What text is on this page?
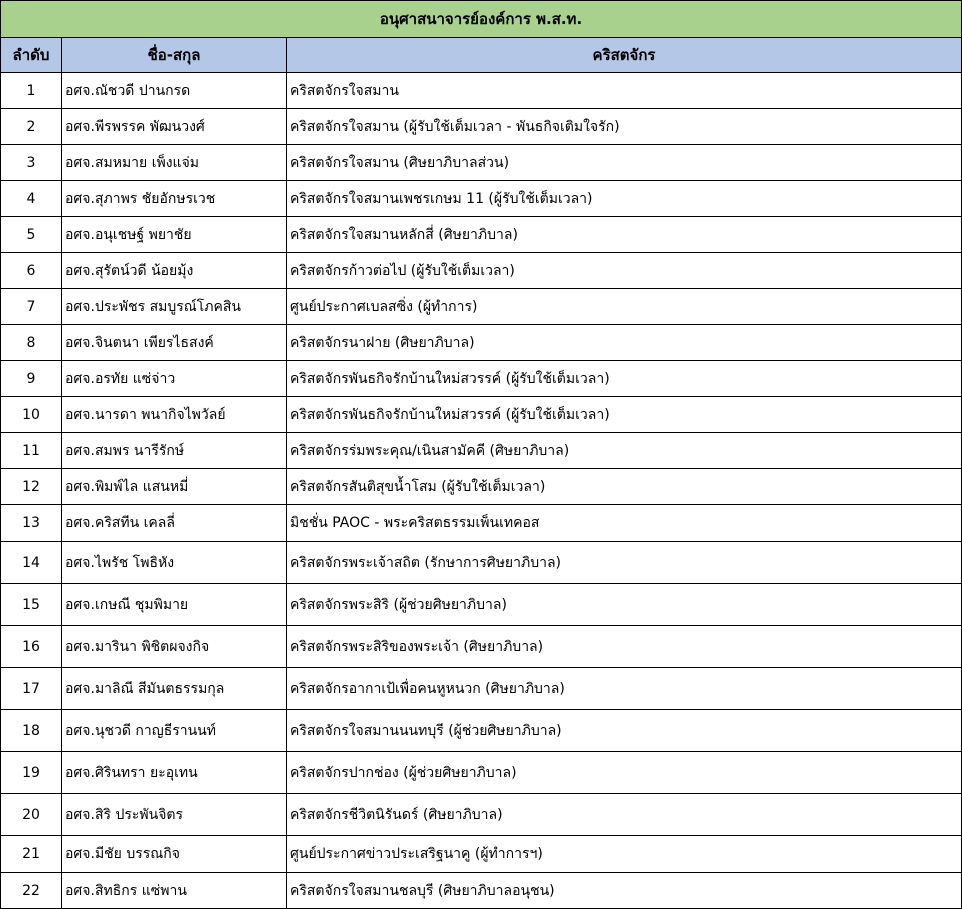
อนุศาสนาจารย์องค์การ พ.ส.ท.		
ลำดับ	ชื่อ-สกุล	คริสตจักร
1	อศจ.ณัชวดี ปานกรด	คริสตจักรใจสมาน
2	อศจ.พีรพรรค พัฒนวงศ์	คริสตจักรใจสมาน (ผู้รับใช้เต็มเวลา - พันธกิจเติมใจรัก)
3	อศจ.สมหมาย เพ็งแจ่ม	คริสตจักรใจสมาน (ศิษยาภิบาลส่วน)
4	อศจ.สุภาพร ชัยอักษรเวช	คริสตจักรใจสมานเพชรเกษม 11 (ผู้รับใช้เต็มเวลา)
5	อศจ.อนุเชษฐ์ พยาชัย	คริสตจักรใจสมานหลักสี่ (ศิษยาภิบาล)
6	อศจ.สุรัตน์วดี น้อยมุ้ง	คริสตจักรก้าวต่อไป (ผู้รับใช้เต็มเวลา)
7	อศจ.ประพัชร สมบูรณ์โภคสิน	ศูนย์ประกาศเบลสซิ่ง (ผู้ทำการ)
8	อศจ.จินตนา เพียรไธสงค์	คริสตจักรนาฝาย (ศิษยาภิบาล)
9	อศจ.อรทัย แซ่จ่าว	คริสตจักรพันธกิจรักบ้านใหม่สวรรค์ (ผู้รับใช้เต็มเวลา)
10	อศจ.นารดา พนากิจไพวัลย์	คริสตจักรพันธกิจรักบ้านใหม่สวรรค์ (ผู้รับใช้เต็มเวลา)
11	อศจ.สมพร นารีรักษ์	คริสตจักรร่มพระคุณ/เนินสามัคคี (ศิษยาภิบาล)
12	อศจ.พิมพ์ไล แสนหมี่	คริสตจักรสันติสุขน้ำโสม (ผู้รับใช้เต็มเวลา)
13	อศจ.คริสทีน เคลลี่	มิชชั่น PAOC - พระคริสตธรรมเพ็นเทคอส
14	อศจ.ไพรัช โพธิหัง	คริสตจักรพระเจ้าสถิต (รักษาการศิษยาภิบาล)
15	อศจ.เกษณี ชุมพิมาย	คริสตจักรพระสิริ (ผู้ช่วยศิษยาภิบาล)
16	อศจ.มารินา พิชิตผจงกิจ	คริสตจักรพระสิริของพระเจ้า (ศิษยาภิบาล)
17	อศจ.มาลิณี สีมันตธรรมกุล	คริสตจักรอากาเป้เพื่อคนหูหนวก (ศิษยาภิบาล)
18	อศจ.นุชวดี กาญธีรานนท์	คริสตจักรใจสมานนนทบุรี (ผู้ช่วยศิษยาภิบาล)
19	อศจ.ศิรินทรา ยะอุเทน	คริสตจักรปากช่อง (ผู้ช่วยศิษยาภิบาล)
20	อศจ.สิริ ประพันจิตร	คริสตจักรชีวิตนิรันดร์ (ศิษยาภิบาล)
21	อศจ.มีชัย บรรณกิจ	ศูนย์ประกาศข่าวประเสริฐนาคู (ผู้ทำการฯ)
22	อศจ.สิทธิกร แซ่พาน	คริสตจักรใจสมานชลบุรี (ศิษยาภิบาลอนุชน)
